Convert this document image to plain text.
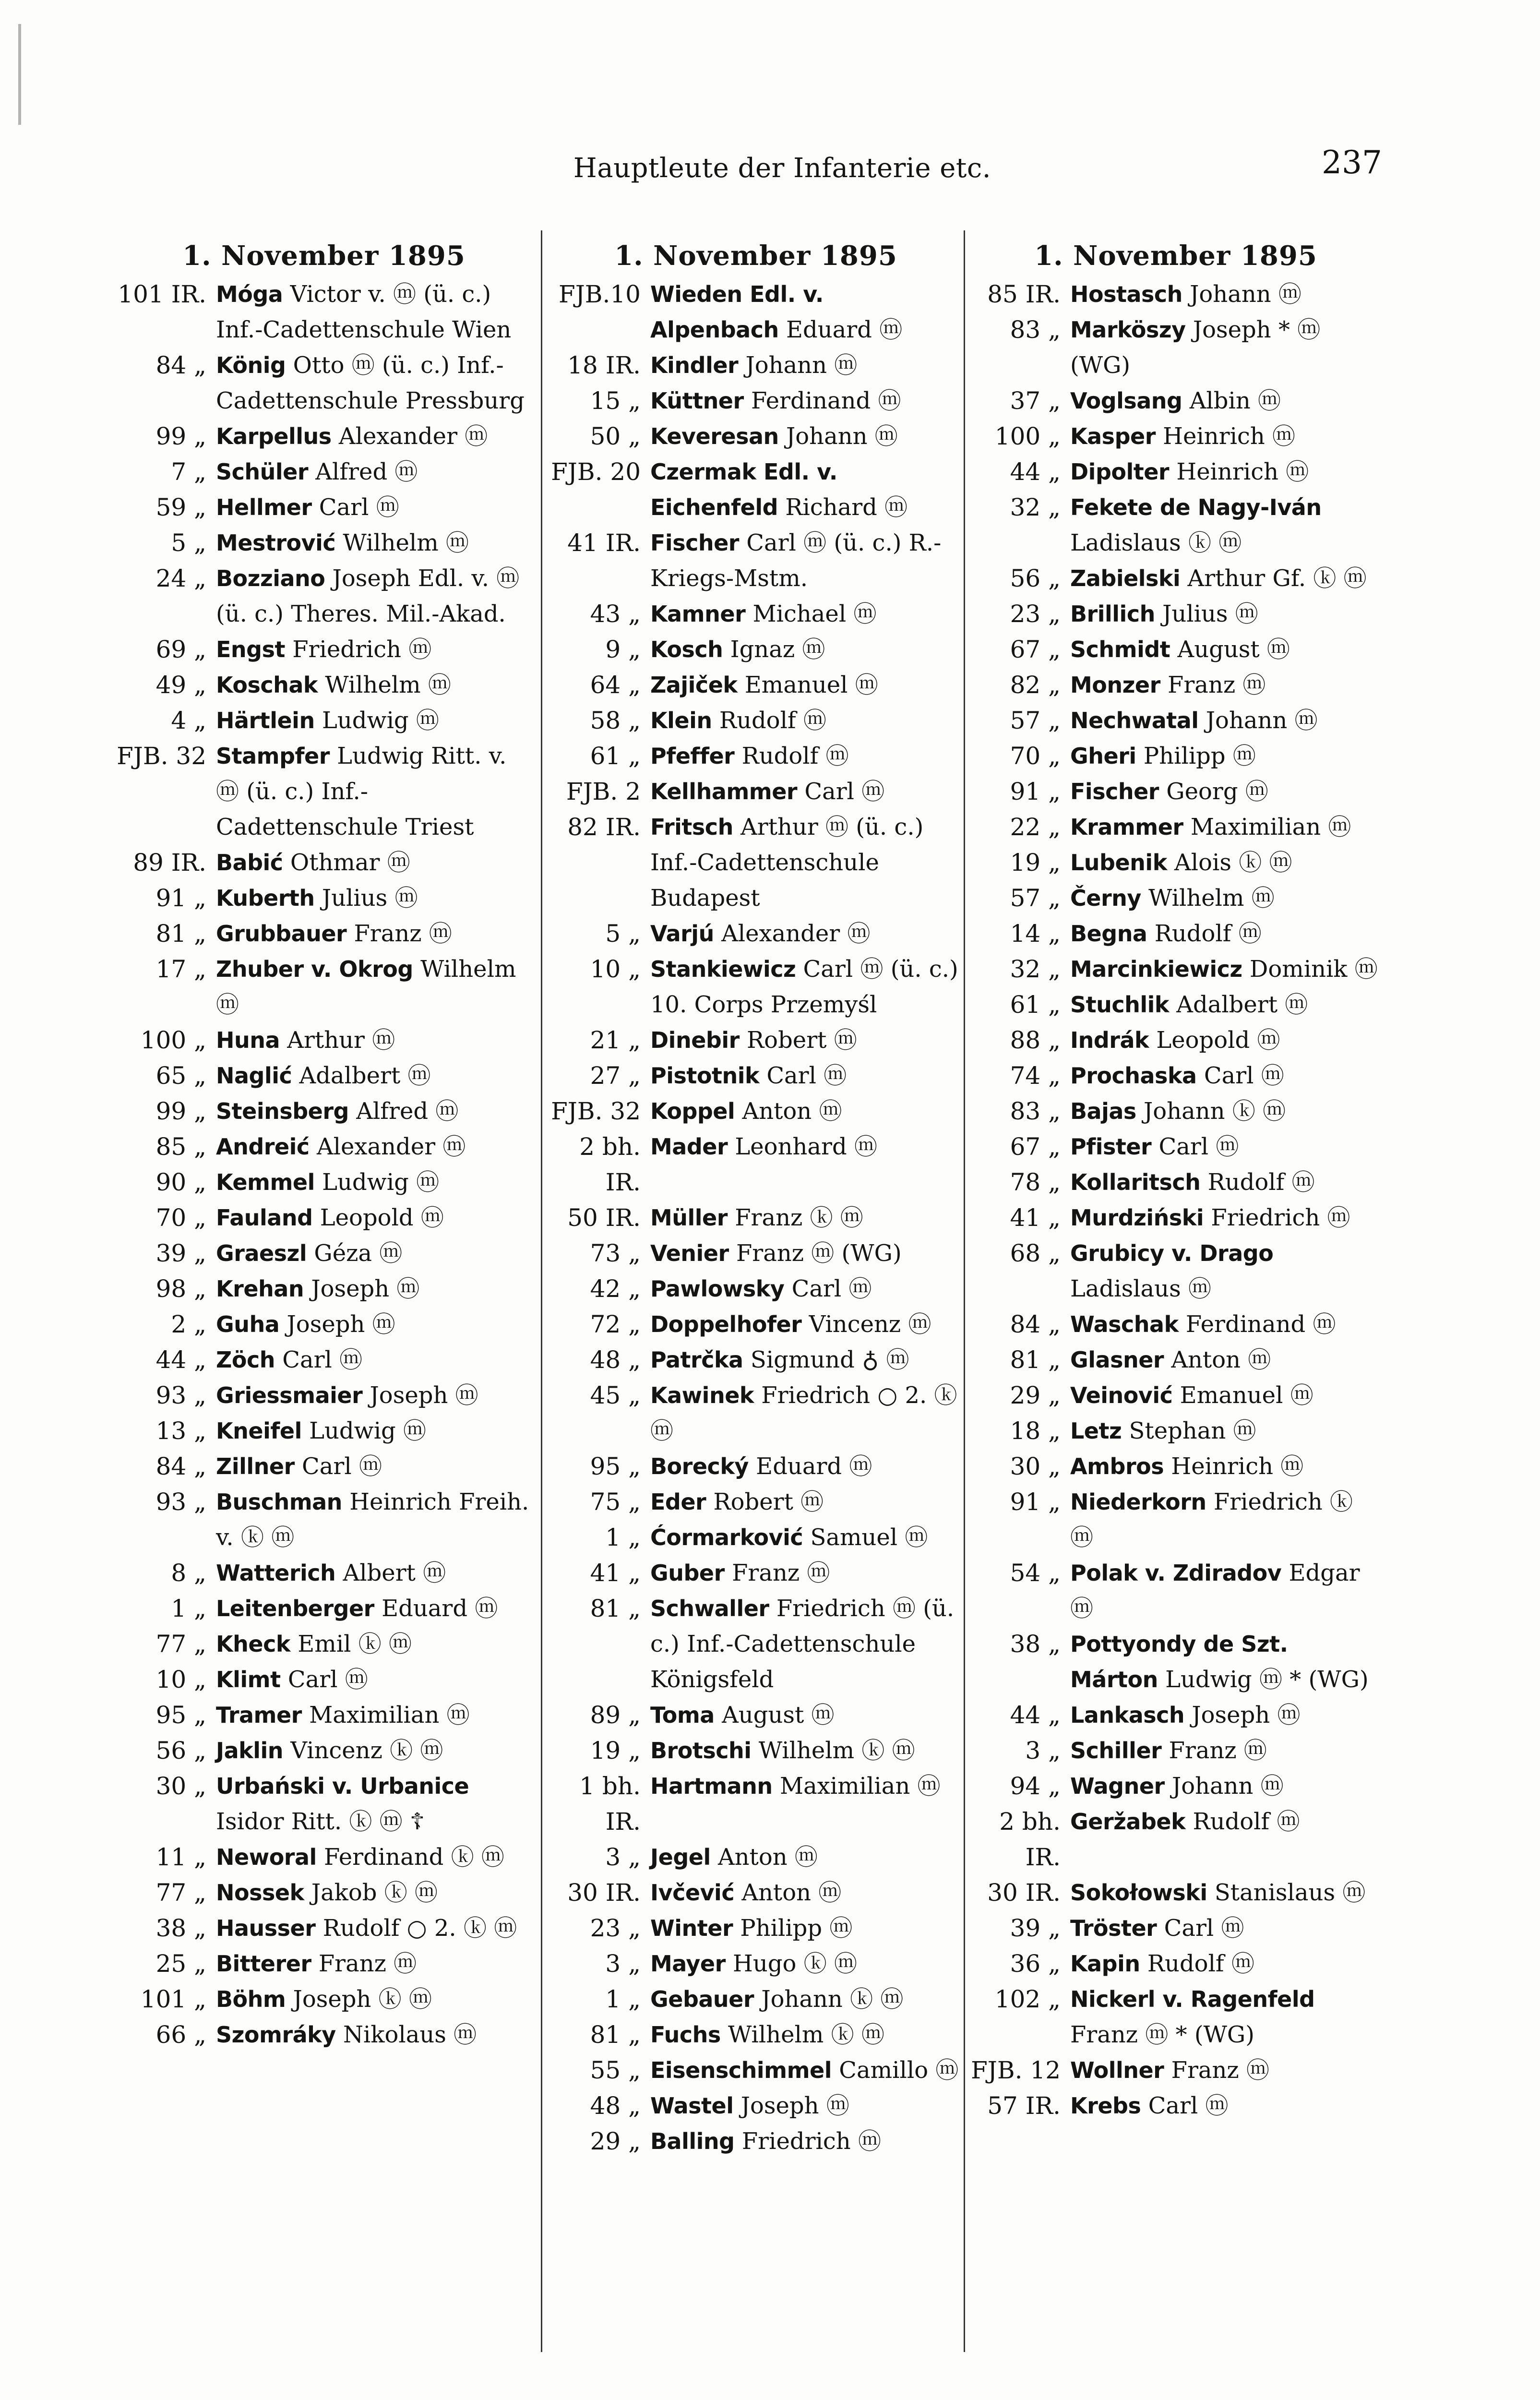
Hauptleute der Infanterie etc.	237
1. November 1895
101 IR. Móga Victor v. ⓜ (ü. c.) Inf.-Cadettenschule Wien
84 „ König Otto ⓜ (ü. c.) Inf.-Cadettenschule Pressburg
99 „ Karpellus Alexander ⓜ
7 „ Schüler Alfred ⓜ
59 „ Hellmer Carl ⓜ
5 „ Mestrović Wilhelm ⓜ
24 „ Bozziano Joseph Edl. v. ⓜ (ü. c.) Theres. Mil.-Akad.
69 „ Engst Friedrich ⓜ
49 „ Koschak Wilhelm ⓜ
4 „ Härtlein Ludwig ⓜ
FJB. 32 Stampfer Ludwig Ritt. v. ⓜ (ü. c.) Inf.-Cadettenschule Triest
89 IR. Babić Othmar ⓜ
91 „ Kuberth Julius ⓜ
81 „ Grubbauer Franz ⓜ
17 „ Zhuber v. Okrog Wilhelm ⓜ
100 „ Huna Arthur ⓜ
65 „ Naglić Adalbert ⓜ
99 „ Steinsberg Alfred ⓜ
85 „ Andreić Alexander ⓜ
90 „ Kemmel Ludwig ⓜ
70 „ Fauland Leopold ⓜ
39 „ Graeszl Géza ⓜ
98 „ Krehan Joseph ⓜ
2 „ Guha Joseph ⓜ
44 „ Zöch Carl ⓜ
93 „ Griessmaier Joseph ⓜ
13 „ Kneifel Ludwig ⓜ
84 „ Zillner Carl ⓜ
93 „ Buschman Heinrich Freih. v. ⓚ ⓜ
8 „ Watterich Albert ⓜ
1 „ Leitenberger Eduard ⓜ
77 „ Kheck Emil ⓚ ⓜ
10 „ Klimt Carl ⓜ
95 „ Tramer Maximilian ⓜ
56 „ Jaklin Vincenz ⓚ ⓜ
30 „ Urbański v. Urbanice Isidor Ritt. ⓚ ⓜ ☦
11 „ Neworal Ferdinand ⓚ ⓜ
77 „ Nossek Jakob ⓚ ⓜ
38 „ Hausser Rudolf ○ 2. ⓚ ⓜ
25 „ Bitterer Franz ⓜ
101 „ Böhm Joseph ⓚ ⓜ
66 „ Szomráky Nikolaus ⓜ
1. November 1895
FJB.10 Wieden Edl. v. Alpenbach Eduard ⓜ
18 IR. Kindler Johann ⓜ
15 „ Küttner Ferdinand ⓜ
50 „ Keveresan Johann ⓜ
FJB. 20 Czermak Edl. v. Eichenfeld Richard ⓜ
41 IR. Fischer Carl ⓜ (ü. c.) R.-Kriegs-Mstm.
43 „ Kamner Michael ⓜ
9 „ Kosch Ignaz ⓜ
64 „ Zajiček Emanuel ⓜ
58 „ Klein Rudolf ⓜ
61 „ Pfeffer Rudolf ⓜ
FJB. 2 Kellhammer Carl ⓜ
82 IR. Fritsch Arthur ⓜ (ü. c.) Inf.-Cadettenschule Budapest
5 „ Varjú Alexander ⓜ
10 „ Stankiewicz Carl ⓜ (ü. c.) 10. Corps Przemyśl
21 „ Dinebir Robert ⓜ
27 „ Pistotnik Carl ⓜ
FJB. 32 Koppel Anton ⓜ
2 bh. IR.
Mader Leonhard ⓜ
50 IR. Müller Franz ⓚ ⓜ
73 „ Venier Franz ⓜ (WG)
42 „ Pawlowsky Carl ⓜ
72 „ Doppelhofer Vincenz ⓜ
48 „ Patrčka Sigmund ♁ ⓜ
45 „ Kawinek Friedrich ○ 2. ⓚ ⓜ
95 „ Borecký Eduard ⓜ
75 „ Eder Robert ⓜ
1 „ Ćormarković Samuel ⓜ
41 „ Guber Franz ⓜ
81 „ Schwaller Friedrich ⓜ (ü. c.) Inf.-Cadettenschule Königsfeld
89 „ Toma August ⓜ
19 „ Brotschi Wilhelm ⓚ ⓜ
1 bh. IR.
Hartmann Maximilian ⓜ
3 „ Jegel Anton ⓜ
30 IR. Ivčević Anton ⓜ
23 „ Winter Philipp ⓜ
3 „ Mayer Hugo ⓚ ⓜ
1 „ Gebauer Johann ⓚ ⓜ
81 „ Fuchs Wilhelm ⓚ ⓜ
55 „ Eisenschimmel Camillo ⓜ
48 „ Wastel Joseph ⓜ
29 „ Balling Friedrich ⓜ
1. November 1895
85 IR. Hostasch Johann ⓜ
83 „ Marköszy Joseph * ⓜ (WG)
37 „ Voglsang Albin ⓜ
100 „ Kasper Heinrich ⓜ
44 „ Dipolter Heinrich ⓜ
32 „ Fekete de Nagy-Iván Ladislaus ⓚ ⓜ
56 „ Zabielski Arthur Gf. ⓚ ⓜ
23 „ Brillich Julius ⓜ
67 „ Schmidt August ⓜ
82 „ Monzer Franz ⓜ
57 „ Nechwatal Johann ⓜ
70 „ Gheri Philipp ⓜ
91 „ Fischer Georg ⓜ
22 „ Krammer Maximilian ⓜ
19 „ Lubenik Alois ⓚ ⓜ
57 „ Černy Wilhelm ⓜ
14 „ Begna Rudolf ⓜ
32 „ Marcinkiewicz Dominik ⓜ
61 „ Stuchlik Adalbert ⓜ
88 „ Indrák Leopold ⓜ
74 „ Prochaska Carl ⓜ
83 „ Bajas Johann ⓚ ⓜ
67 „ Pfister Carl ⓜ
78 „ Kollaritsch Rudolf ⓜ
41 „ Murdziński Friedrich ⓜ
68 „ Grubicy v. Drago Ladislaus ⓜ
84 „ Waschak Ferdinand ⓜ
81 „ Glasner Anton ⓜ
29 „ Veinović Emanuel ⓜ
18 „ Letz Stephan ⓜ
30 „ Ambros Heinrich ⓜ
91 „ Niederkorn Friedrich ⓚ ⓜ
54 „ Polak v. Zdiradov Edgar ⓜ
38 „ Pottyondy de Szt. Márton Ludwig ⓜ * (WG)
44 „ Lankasch Joseph ⓜ
3 „ Schiller Franz ⓜ
94 „ Wagner Johann ⓜ
2 bh. IR.
Geržabek Rudolf ⓜ
30 IR. Sokołowski Stanislaus ⓜ
39 „ Tröster Carl ⓜ
36 „ Kapin Rudolf ⓜ
102 „ Nickerl v. Ragenfeld Franz ⓜ * (WG)
FJB. 12 Wollner Franz ⓜ
57 IR. Krebs Carl ⓜ
